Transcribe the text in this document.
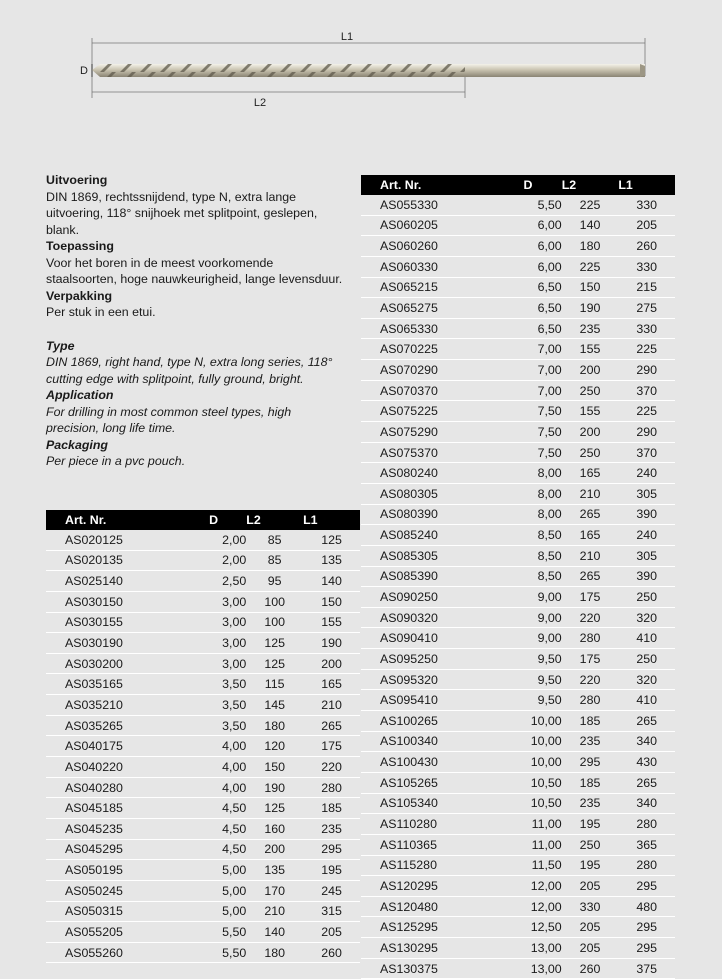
L1
L2
D

Uitvoering

DIN 1869, rechtssnijdend, type N, extra lange uitvoering, 118° snijhoek met splitpoint, geslepen, blank.

Toepassing

Voor het boren in de meest voorkomende staalsoorten, hoge nauwkeurigheid, lange levensduur.

Verpakking

Per stuk in een etui.

Type

DIN 1869, right hand, type N, extra long series, 118° cutting edge with splitpoint, fully ground, bright.

Application

For drilling in most common steel types, high precision, long life time.

Packaging

Per piece in a pvc pouch.

Art. Nr.	D	L2	L1
AS020125	2,00	85	125
AS020135	2,00	85	135
AS025140	2,50	95	140
AS030150	3,00	100	150
AS030155	3,00	100	155
AS030190	3,00	125	190
AS030200	3,00	125	200
AS035165	3,50	115	165
AS035210	3,50	145	210
AS035265	3,50	180	265
AS040175	4,00	120	175
AS040220	4,00	150	220
AS040280	4,00	190	280
AS045185	4,50	125	185
AS045235	4,50	160	235
AS045295	4,50	200	295
AS050195	5,00	135	195
AS050245	5,00	170	245
AS050315	5,00	210	315
AS055205	5,50	140	205
AS055260	5,50	180	260
Art. Nr.	D	L2	L1
AS055330	5,50	225	330
AS060205	6,00	140	205
AS060260	6,00	180	260
AS060330	6,00	225	330
AS065215	6,50	150	215
AS065275	6,50	190	275
AS065330	6,50	235	330
AS070225	7,00	155	225
AS070290	7,00	200	290
AS070370	7,00	250	370
AS075225	7,50	155	225
AS075290	7,50	200	290
AS075370	7,50	250	370
AS080240	8,00	165	240
AS080305	8,00	210	305
AS080390	8,00	265	390
AS085240	8,50	165	240
AS085305	8,50	210	305
AS085390	8,50	265	390
AS090250	9,00	175	250
AS090320	9,00	220	320
AS090410	9,00	280	410
AS095250	9,50	175	250
AS095320	9,50	220	320
AS095410	9,50	280	410
AS100265	10,00	185	265
AS100340	10,00	235	340
AS100430	10,00	295	430
AS105265	10,50	185	265
AS105340	10,50	235	340
AS110280	11,00	195	280
AS110365	11,00	250	365
AS115280	11,50	195	280
AS120295	12,00	205	295
AS120480	12,00	330	480
AS125295	12,50	205	295
AS130295	13,00	205	295
AS130375	13,00	260	375
